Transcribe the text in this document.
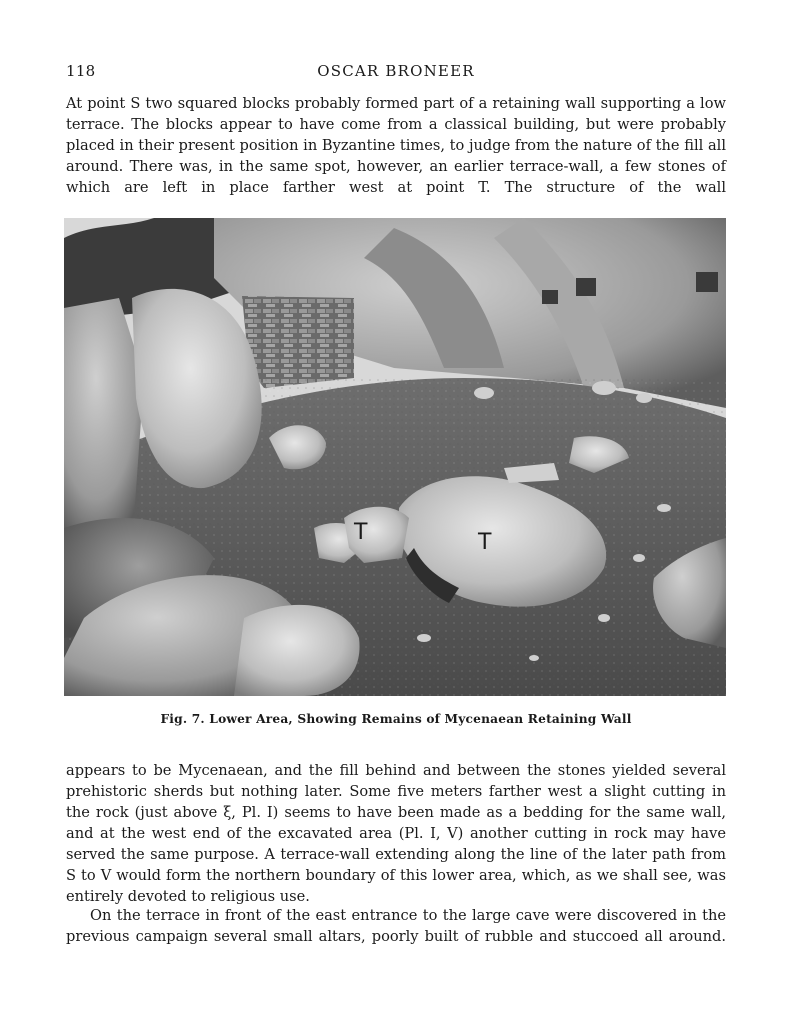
118	OSCAR BRONEER

At point S two squared blocks probably formed part of a retaining wall supporting a low terrace. The blocks appear to have come from a classical building, but were probably placed in their present position in Byzantine times, to judge from the nature of the fill all around. There was, in the same spot, however, an earlier terrace-wall, a few stones of which are left in place farther west at point T. The structure of the wall

T	T
Fig. 7. Lower Area, Showing Remains of Mycenaean Retaining Wall

appears to be Mycenaean, and the fill behind and between the stones yielded several prehistoric sherds but nothing later. Some five meters farther west a slight cutting in the rock (just above ξ, Pl. I) seems to have been made as a bedding for the same wall, and at the west end of the excavated area (Pl. I, V) another cutting in rock may have served the same purpose. A terrace-wall extending along the line of the later path from S to V would form the northern boundary of this lower area, which, as we shall see, was entirely devoted to religious use.

On the terrace in front of the east entrance to the large cave were discovered in the previous campaign several small altars, poorly built of rubble and stuccoed all around.
